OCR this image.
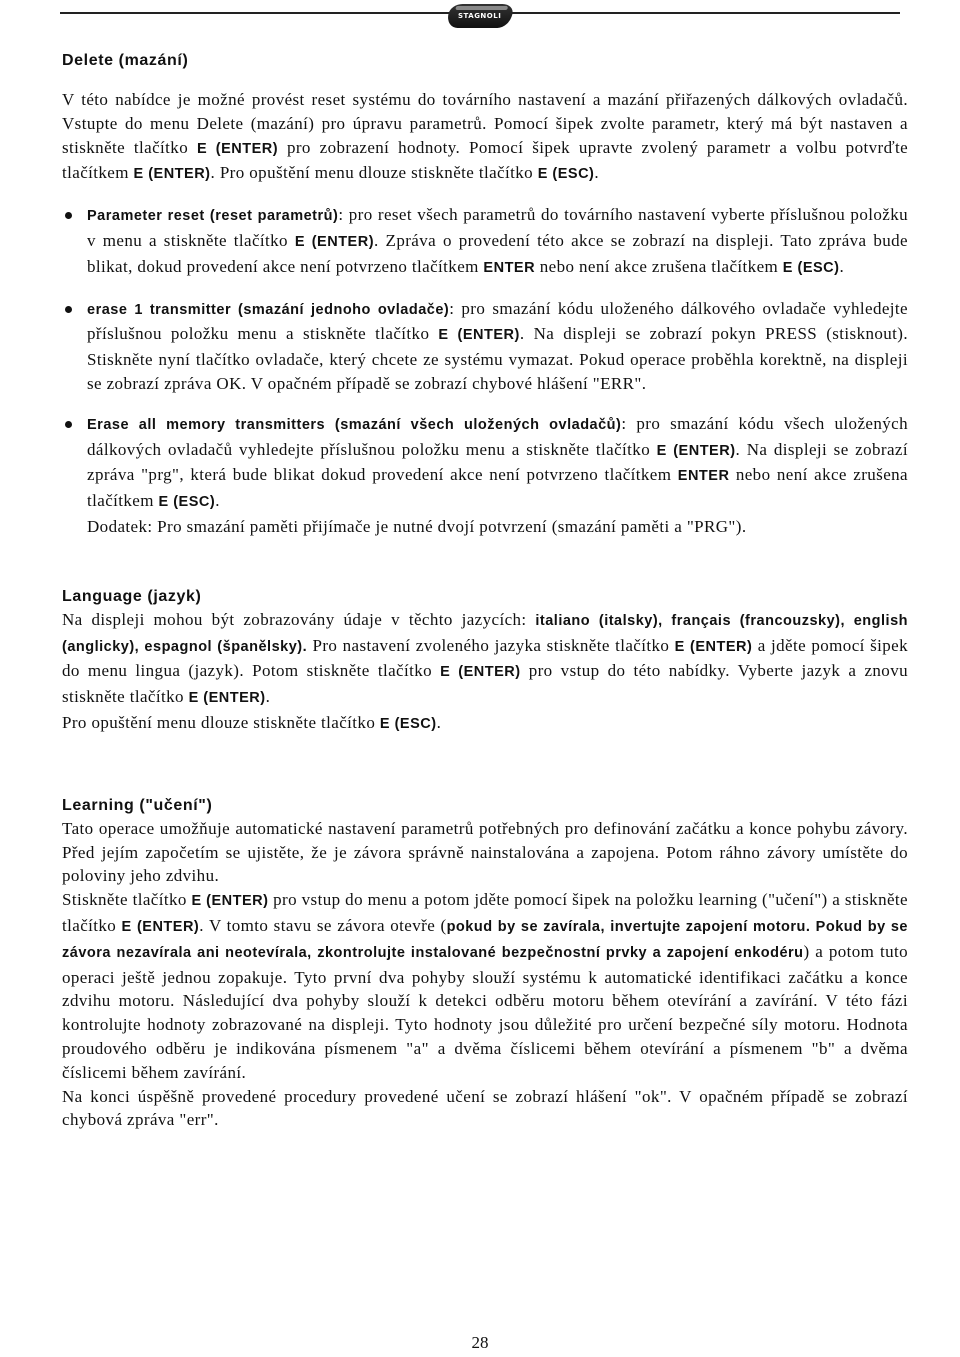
STAGNOLI
Delete (mazání)

V této nabídce je možné provést reset systému do továrního nastavení a mazání přiřazených dálkových ovladačů. Vstupte do menu Delete (mazání) pro úpravu parametrů. Pomocí šipek zvolte parametr, který má být nastaven a stiskněte tlačítko E (ENTER) pro zobrazení hodnoty. Pomocí šipek upravte zvolený parametr a volbu potvrďte tlačítkem E (ENTER). Pro opuštění menu dlouze stiskněte tlačítko E (ESC).

Parameter reset (reset parametrů): pro reset všech parametrů do továrního nastavení vyberte příslušnou položku v menu a stiskněte tlačítko E (ENTER). Zpráva o provedení této akce se zobrazí na displeji. Tato zpráva bude blikat, dokud provedení akce není potvrzeno tlačítkem ENTER nebo není akce zrušena tlačítkem E (ESC).

erase 1 transmitter (smazání jednoho ovladače): pro smazání kódu uloženého dálkového ovladače vyhledejte příslušnou položku menu a stiskněte tlačítko E (ENTER). Na displeji se zobrazí pokyn PRESS (stisknout). Stiskněte nyní tlačítko ovladače, který chcete ze systému vymazat. Pokud operace proběhla korektně, na displeji se zobrazí zpráva OK. V opačném případě se zobrazí chybové hlášení "ERR".

Erase all memory transmitters (smazání všech uložených ovladačů): pro smazání kódu všech uložených dálkových ovladačů vyhledejte příslušnou položku menu a stiskněte tlačítko E (ENTER). Na displeji se zobrazí zpráva "prg", která bude blikat dokud provedení akce není potvrzeno tlačítkem ENTER nebo není akce zrušena tlačítkem E (ESC).
Dodatek: Pro smazání paměti přijímače je nutné dvojí potvrzení (smazání paměti a "PRG").

Language (jazyk)

Na displeji mohou být zobrazovány údaje v těchto jazycích: italiano (italsky), français (francouzsky), english (anglicky), espagnol (španělsky). Pro nastavení zvoleného jazyka stiskněte tlačítko E (ENTER) a jděte pomocí šipek do menu lingua (jazyk). Potom stiskněte tlačítko E (ENTER) pro vstup do této nabídky. Vyberte jazyk a znovu stiskněte tlačítko E (ENTER).
Pro opuštění menu dlouze stiskněte tlačítko E (ESC).

Learning ("učení")

Tato operace umožňuje automatické nastavení parametrů potřebných pro definování začátku a konce pohybu závory. Před jejím započetím se ujistěte, že je závora správně nainstalována a zapojena. Potom ráhno závory umístěte do poloviny jeho zdvihu.
Stiskněte tlačítko E (ENTER) pro vstup do menu a potom jděte pomocí šipek na položku learning ("učení") a stiskněte tlačítko E (ENTER). V tomto stavu se závora otevře (pokud by se zavírala, invertujte zapojení motoru. Pokud by se závora nezavírala ani neotevírala, zkontrolujte instalované bezpečnostní prvky a zapojení enkodéru) a potom tuto operaci ještě jednou zopakuje. Tyto první dva pohyby slouží systému k automatické identifikaci začátku a konce zdvihu motoru. Následující dva pohyby slouží k detekci odběru motoru během otevírání a zavírání. V této fázi kontrolujte hodnoty zobrazované na displeji. Tyto hodnoty jsou důležité pro určení bezpečné síly motoru. Hodnota proudového odběru je indikována písmenem "a" a dvěma číslicemi během otevírání a písmenem "b" a dvěma číslicemi během zavírání.
Na konci úspěšně provedené procedury provedené učení se zobrazí hlášení "ok". V opačném případě se zobrazí chybová zpráva "err".

28
